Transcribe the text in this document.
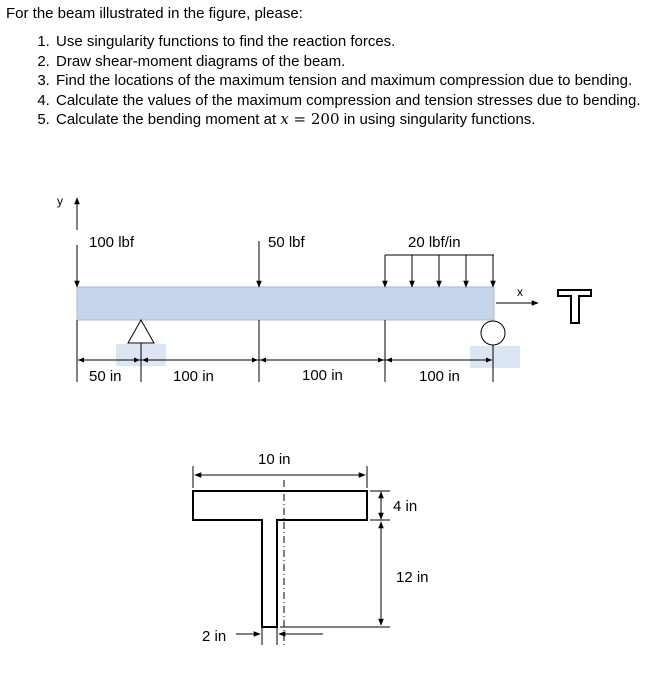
For the beam illustrated in the figure, please:

1. Use singularity functions to find the reaction forces.
2. Draw shear-moment diagrams of the beam.
3. Find the locations of the maximum tension and maximum compression due to bending.
4. Calculate the values of the maximum compression and tension stresses due to bending.
5. Calculate the bending moment at x = 200 in using singularity functions.
y
x
100 lbf	50 lbf	20 lbf/in
50 in	100 in	100 in	100 in
10 in
4 in
12 in
2 in
